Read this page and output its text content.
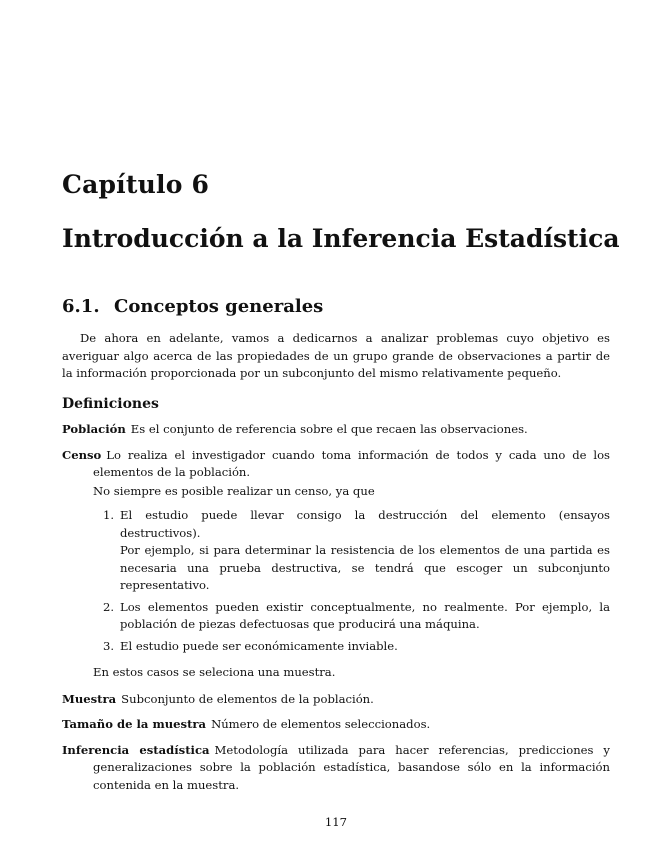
Capítulo 6
Introducción a la Inferencia Estadística
6.1. Conceptos generales

De ahora en adelante, vamos a dedicarnos a analizar problemas cuyo objetivo es averiguar algo acerca de las propiedades de un grupo grande de observaciones a partir de la información proporcionada por un subconjunto del mismo relativamente pequeño.

Definiciones
Población Es el conjunto de referencia sobre el que recaen las observaciones.
Censo Lo realiza el investigador cuando toma información de todos y cada uno de los elementos de la población.
No siempre es posible realizar un censo, ya que
1. El estudio puede llevar consigo la destrucción del elemento (ensayos destructivos).
Por ejemplo, si para determinar la resistencia de los elementos de una partida es necesaria una prueba destructiva, se tendrá que escoger un subconjunto representativo.
2. Los elementos pueden existir conceptualmente, no realmente. Por ejemplo, la población de piezas defectuosas que producirá una máquina.
3. El estudio puede ser económicamente inviable.
En estos casos se seleciona una muestra.
Muestra Subconjunto de elementos de la población.
Tamaño de la muestra Número de elementos seleccionados.
Inferencia estadística Metodología utilizada para hacer referencias, predicciones y generalizaciones sobre la población estadística, basandose sólo en la información contenida en la muestra.
117
